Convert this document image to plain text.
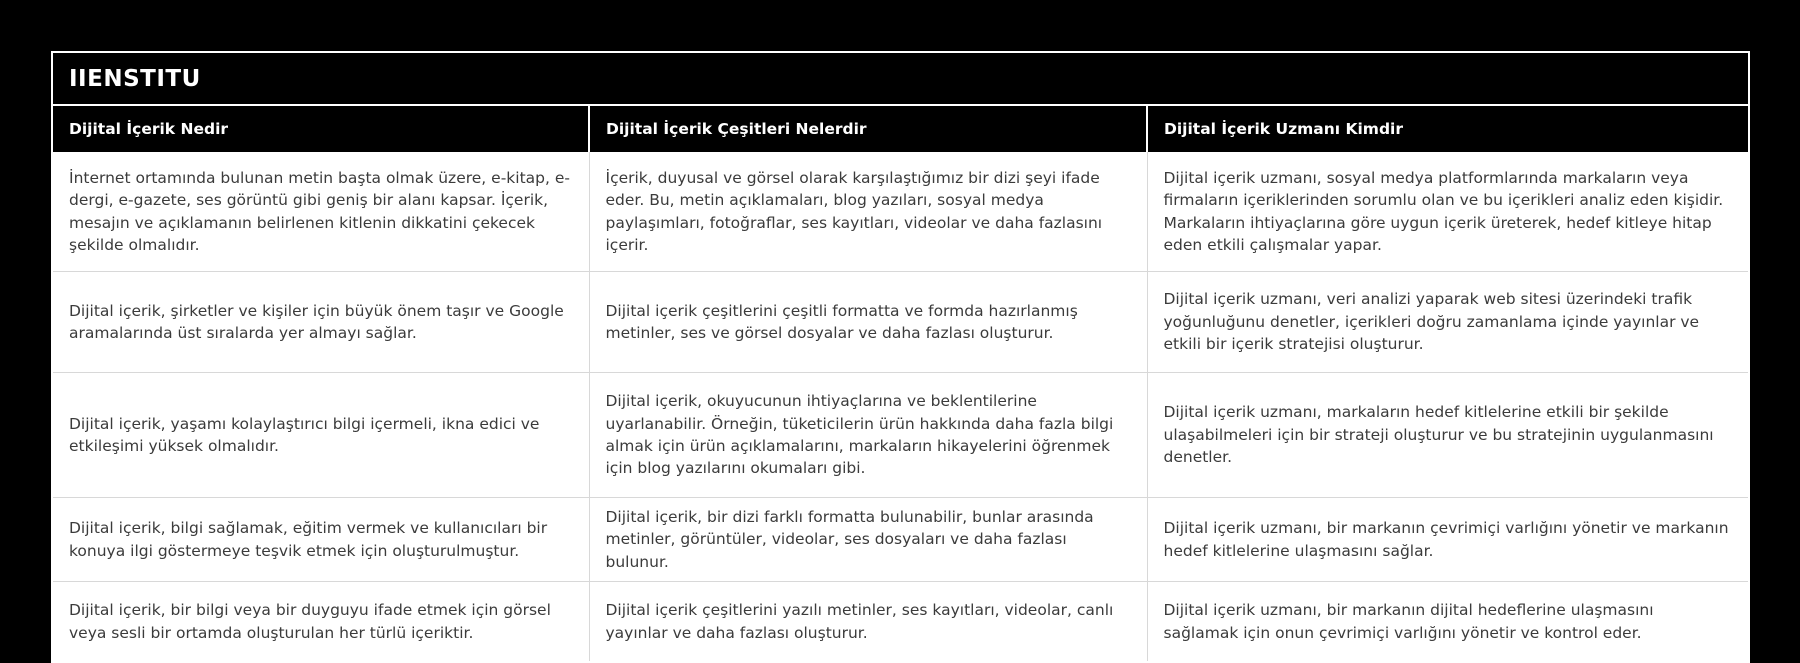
IIENSTITU
Dijital İçerik Nedir	Dijital İçerik Çeşitleri Nelerdir	Dijital İçerik Uzmanı Kimdir
İnternet ortamında bulunan metin başta olmak üzere, e-kitap, e-dergi, e-gazete, ses görüntü gibi geniş bir alanı kapsar. İçerik, mesajın ve açıklamanın belirlenen kitlenin dikkatini çekecek şekilde olmalıdır.	İçerik, duyusal ve görsel olarak karşılaştığımız bir dizi şeyi ifade eder. Bu, metin açıklamaları, blog yazıları, sosyal medya paylaşımları, fotoğraflar, ses kayıtları, videolar ve daha fazlasını içerir.	Dijital içerik uzmanı, sosyal medya platformlarında markaların veya firmaların içeriklerinden sorumlu olan ve bu içerikleri analiz eden kişidir. Markaların ihtiyaçlarına göre uygun içerik üreterek, hedef kitleye hitap eden etkili çalışmalar yapar.
Dijital içerik, şirketler ve kişiler için büyük önem taşır ve Google aramalarında üst sıralarda yer almayı sağlar.	Dijital içerik çeşitlerini çeşitli formatta ve formda hazırlanmış metinler, ses ve görsel dosyalar ve daha fazlası oluşturur.	Dijital içerik uzmanı, veri analizi yaparak web sitesi üzerindeki trafik yoğunluğunu denetler, içerikleri doğru zamanlama içinde yayınlar ve etkili bir içerik stratejisi oluşturur.
Dijital içerik, yaşamı kolaylaştırıcı bilgi içermeli, ikna edici ve etkileşimi yüksek olmalıdır.	Dijital içerik, okuyucunun ihtiyaçlarına ve beklentilerine uyarlanabilir. Örneğin, tüketicilerin ürün hakkında daha fazla bilgi almak için ürün açıklamalarını, markaların hikayelerini öğrenmek için blog yazılarını okumaları gibi.	Dijital içerik uzmanı, markaların hedef kitlelerine etkili bir şekilde ulaşabilmeleri için bir strateji oluşturur ve bu stratejinin uygulanmasını denetler.
Dijital içerik, bilgi sağlamak, eğitim vermek ve kullanıcıları bir konuya ilgi göstermeye teşvik etmek için oluşturulmuştur.	Dijital içerik, bir dizi farklı formatta bulunabilir, bunlar arasında metinler, görüntüler, videolar, ses dosyaları ve daha fazlası bulunur.	Dijital içerik uzmanı, bir markanın çevrimiçi varlığını yönetir ve markanın hedef kitlelerine ulaşmasını sağlar.
Dijital içerik, bir bilgi veya bir duyguyu ifade etmek için görsel veya sesli bir ortamda oluşturulan her türlü içeriktir.	Dijital içerik çeşitlerini yazılı metinler, ses kayıtları, videolar, canlı yayınlar ve daha fazlası oluşturur.	Dijital içerik uzmanı, bir markanın dijital hedeflerine ulaşmasını sağlamak için onun çevrimiçi varlığını yönetir ve kontrol eder.
